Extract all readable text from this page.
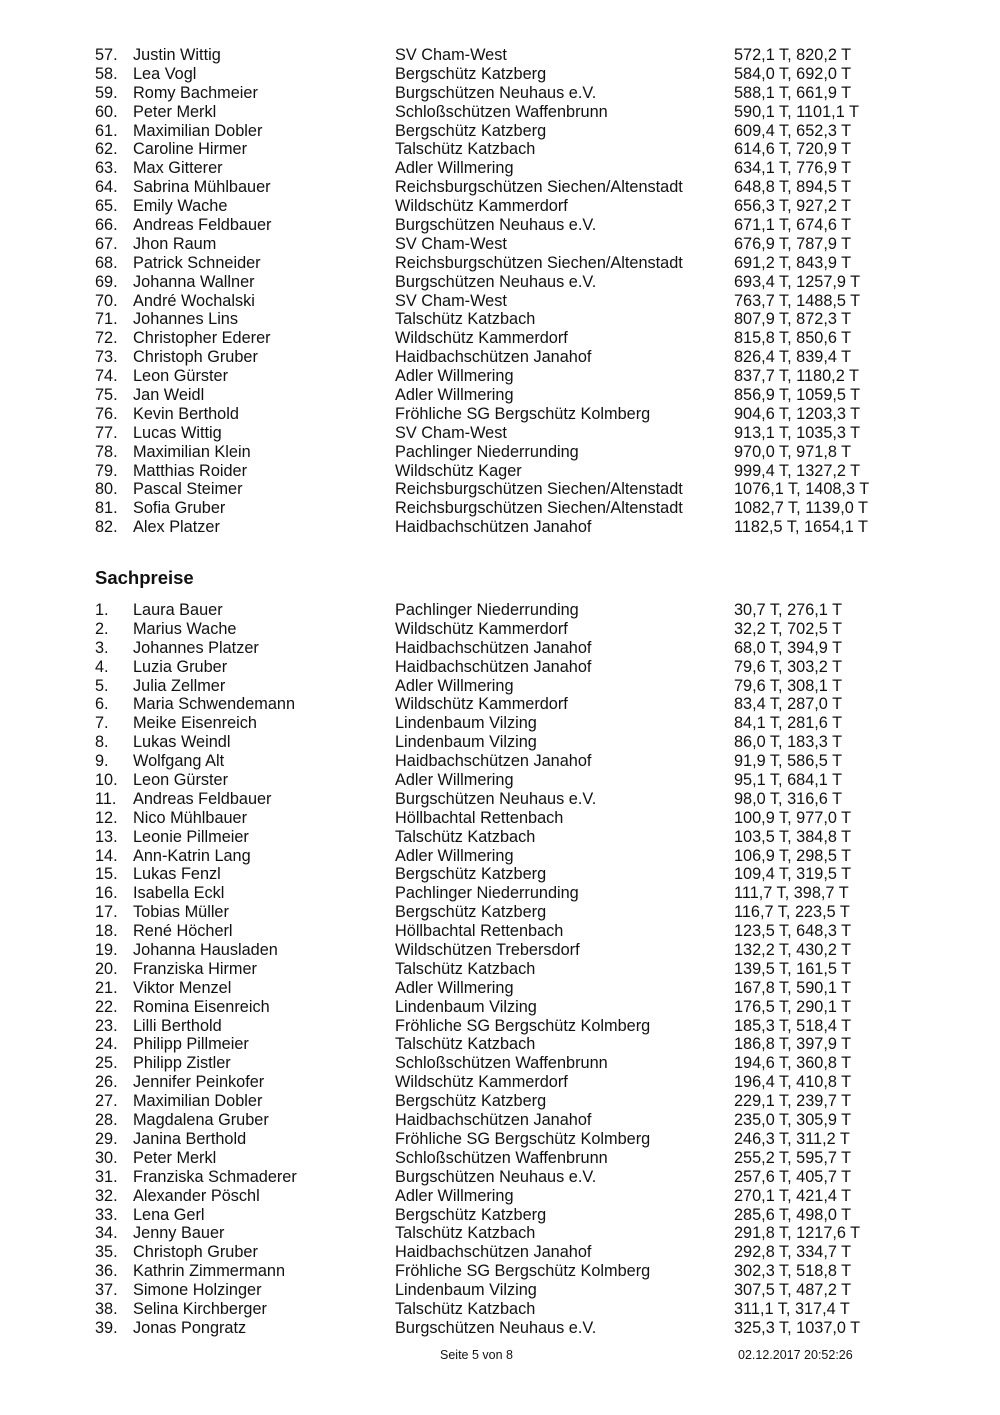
57. Justin Wittig	SV Cham-West	572,1 T, 820,2 T
58. Lea Vogl	Bergschütz Katzberg	584,0 T, 692,0 T
59. Romy Bachmeier	Burgschützen Neuhaus e.V.	588,1 T, 661,9 T
60. Peter Merkl	Schloßschützen Waffenbrunn	590,1 T, 1101,1 T
61. Maximilian Dobler	Bergschütz Katzberg	609,4 T, 652,3 T
62. Caroline Hirmer	Talschütz Katzbach	614,6 T, 720,9 T
63. Max Gitterer	Adler Willmering	634,1 T, 776,9 T
64. Sabrina Mühlbauer	Reichsburgschützen Siechen/Altenstadt	648,8 T, 894,5 T
65. Emily Wache	Wildschütz Kammerdorf	656,3 T, 927,2 T
66. Andreas Feldbauer	Burgschützen Neuhaus e.V.	671,1 T, 674,6 T
67. Jhon Raum	SV Cham-West	676,9 T, 787,9 T
68. Patrick Schneider	Reichsburgschützen Siechen/Altenstadt	691,2 T, 843,9 T
69. Johanna Wallner	Burgschützen Neuhaus e.V.	693,4 T, 1257,9 T
70. André Wochalski	SV Cham-West	763,7 T, 1488,5 T
71. Johannes Lins	Talschütz Katzbach	807,9 T, 872,3 T
72. Christopher Ederer	Wildschütz Kammerdorf	815,8 T, 850,6 T
73. Christoph Gruber	Haidbachschützen Janahof	826,4 T, 839,4 T
74. Leon Gürster	Adler Willmering	837,7 T, 1180,2 T
75. Jan Weidl	Adler Willmering	856,9 T, 1059,5 T
76. Kevin Berthold	Fröhliche SG Bergschütz Kolmberg	904,6 T, 1203,3 T
77. Lucas Wittig	SV Cham-West	913,1 T, 1035,3 T
78. Maximilian Klein	Pachlinger Niederrunding	970,0 T, 971,8 T
79. Matthias Roider	Wildschütz Kager	999,4 T, 1327,2 T
80. Pascal Steimer	Reichsburgschützen Siechen/Altenstadt	1076,1 T, 1408,3 T
81. Sofia Gruber	Reichsburgschützen Siechen/Altenstadt	1082,7 T, 1139,0 T
82. Alex Platzer	Haidbachschützen Janahof	1182,5 T, 1654,1 T
Sachpreise
1. Laura Bauer	Pachlinger Niederrunding	30,7 T, 276,1 T
2. Marius Wache	Wildschütz Kammerdorf	32,2 T, 702,5 T
3. Johannes Platzer	Haidbachschützen Janahof	68,0 T, 394,9 T
4. Luzia Gruber	Haidbachschützen Janahof	79,6 T, 303,2 T
5. Julia Zellmer	Adler Willmering	79,6 T, 308,1 T
6. Maria Schwendemann	Wildschütz Kammerdorf	83,4 T, 287,0 T
7. Meike Eisenreich	Lindenbaum Vilzing	84,1 T, 281,6 T
8. Lukas Weindl	Lindenbaum Vilzing	86,0 T, 183,3 T
9. Wolfgang Alt	Haidbachschützen Janahof	91,9 T, 586,5 T
10. Leon Gürster	Adler Willmering	95,1 T, 684,1 T
11. Andreas Feldbauer	Burgschützen Neuhaus e.V.	98,0 T, 316,6 T
12. Nico Mühlbauer	Höllbachtal Rettenbach	100,9 T, 977,0 T
13. Leonie Pillmeier	Talschütz Katzbach	103,5 T, 384,8 T
14. Ann-Katrin Lang	Adler Willmering	106,9 T, 298,5 T
15. Lukas Fenzl	Bergschütz Katzberg	109,4 T, 319,5 T
16. Isabella Eckl	Pachlinger Niederrunding	111,7 T, 398,7 T
17. Tobias Müller	Bergschütz Katzberg	116,7 T, 223,5 T
18. René Höcherl	Höllbachtal Rettenbach	123,5 T, 648,3 T
19. Johanna Hausladen	Wildschützen Trebersdorf	132,2 T, 430,2 T
20. Franziska Hirmer	Talschütz Katzbach	139,5 T, 161,5 T
21. Viktor Menzel	Adler Willmering	167,8 T, 590,1 T
22. Romina Eisenreich	Lindenbaum Vilzing	176,5 T, 290,1 T
23. Lilli Berthold	Fröhliche SG Bergschütz Kolmberg	185,3 T, 518,4 T
24. Philipp Pillmeier	Talschütz Katzbach	186,8 T, 397,9 T
25. Philipp Zistler	Schloßschützen Waffenbrunn	194,6 T, 360,8 T
26. Jennifer Peinkofer	Wildschütz Kammerdorf	196,4 T, 410,8 T
27. Maximilian Dobler	Bergschütz Katzberg	229,1 T, 239,7 T
28. Magdalena Gruber	Haidbachschützen Janahof	235,0 T, 305,9 T
29. Janina Berthold	Fröhliche SG Bergschütz Kolmberg	246,3 T, 311,2 T
30. Peter Merkl	Schloßschützen Waffenbrunn	255,2 T, 595,7 T
31. Franziska Schmaderer	Burgschützen Neuhaus e.V.	257,6 T, 405,7 T
32. Alexander Pöschl	Adler Willmering	270,1 T, 421,4 T
33. Lena Gerl	Bergschütz Katzberg	285,6 T, 498,0 T
34. Jenny Bauer	Talschütz Katzbach	291,8 T, 1217,6 T
35. Christoph Gruber	Haidbachschützen Janahof	292,8 T, 334,7 T
36. Kathrin Zimmermann	Fröhliche SG Bergschütz Kolmberg	302,3 T, 518,8 T
37. Simone Holzinger	Lindenbaum Vilzing	307,5 T, 487,2 T
38. Selina Kirchberger	Talschütz Katzbach	311,1 T, 317,4 T
39. Jonas Pongratz	Burgschützen Neuhaus e.V.	325,3 T, 1037,0 T
Seite 5 von 8	02.12.2017 20:52:26
